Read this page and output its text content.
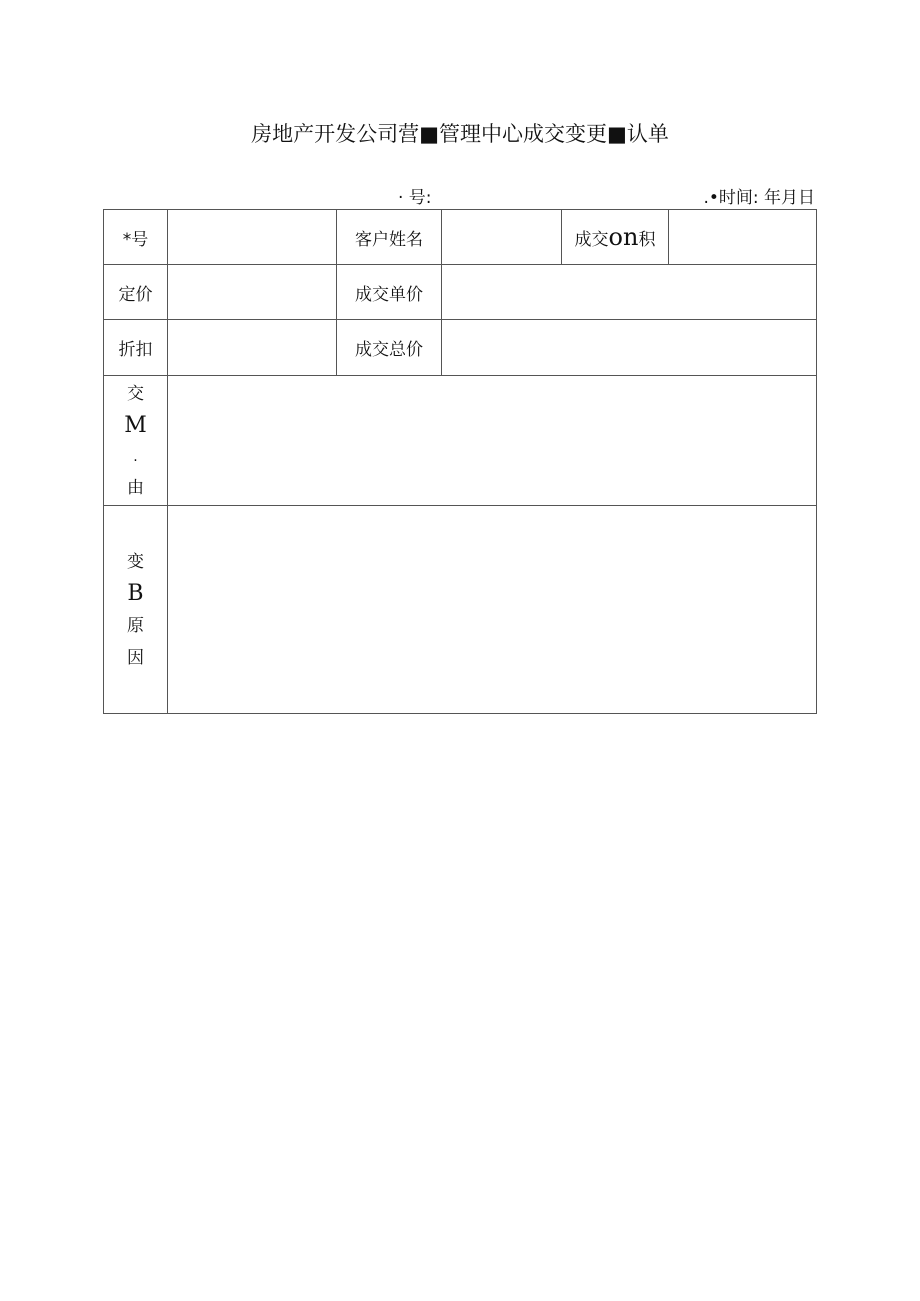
房地产开发公司营■管理中心成交变更■认单
· 号:	.•时间: 年月日
*号		客户姓名		成交on积	
定价		成交单价			
折扣		成交总价			

交
M
.
由					

变
B
原
因					
